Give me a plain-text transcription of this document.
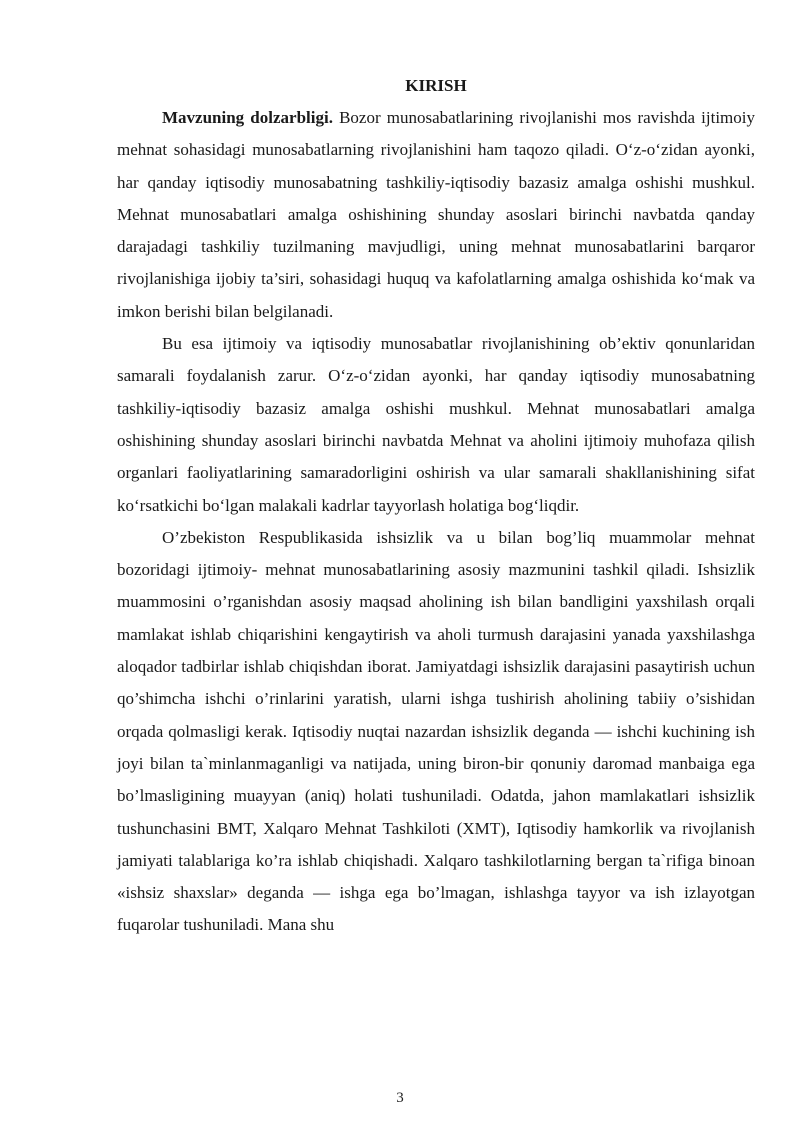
KIRISH

Mavzuning dolzarbligi. Bozor munosabatlarining rivojlanishi mos ravishda ijtimoiy mehnat sohasidagi munosabatlarning rivojlanishini ham taqozo qiladi. O‘z-o‘zidan ayonki, har qanday iqtisodiy munosabatning tashkiliy-iqtisodiy bazasiz amalga oshishi mushkul. Mehnat munosabatlari amalga oshishining shunday asoslari birinchi navbatda qanday darajadagi tashkiliy tuzilmaning mavjudligi, uning mehnat munosabatlarini barqaror rivojlanishiga ijobiy ta’siri, sohasidagi huquq va kafolatlarning amalga oshishida ko‘mak va imkon berishi bilan belgilanadi.

Bu esa ijtimoiy va iqtisodiy munosabatlar rivojlanishining ob’ektiv qonunlaridan samarali foydalanish zarur. O‘z-o‘zidan ayonki, har qanday iqtisodiy munosabatning tashkiliy-iqtisodiy bazasiz amalga oshishi mushkul. Mehnat munosabatlari amalga oshishining shunday asoslari birinchi navbatda Mehnat va aholini ijtimoiy muhofaza qilish organlari faoliyatlarining samaradorligini oshirish va ular samarali shakllanishining sifat ko‘rsatkichi bo‘lgan malakali kadrlar tayyorlash holatiga bog‘liqdir.

O’zbekiston Respublikasida ishsizlik va u bilan bog’liq muammolar mehnat bozoridagi ijtimoiy- mehnat munosabatlarining asosiy mazmunini tashkil qiladi. Ishsizlik muammosini o’rganishdan asosiy maqsad aholining ish bilan bandligini yaxshilash orqali mamlakat ishlab chiqarishini kengaytirish va aholi turmush darajasini yanada yaxshilashga aloqador tadbirlar ishlab chiqishdan iborat. Jamiyatdagi ishsizlik darajasini pasaytirish uchun qo’shimcha ishchi o’rinlarini yaratish, ularni ishga tushirish aholining tabiiy o’sishidan orqada qolmasligi kerak. Iqtisodiy nuqtai nazardan ishsizlik deganda — ishchi kuchining ish joyi bilan ta`minlanmaganligi va natijada, uning biron-bir qonuniy daromad manbaiga ega bo’lmasligining muayyan (aniq) holati tushuniladi. Odatda, jahon mamlakatlari ishsizlik tushunchasini BMT, Xalqaro Mehnat Tashkiloti (XMT), Iqtisodiy hamkorlik va rivojlanish jamiyati talablariga ko’ra ishlab chiqishadi. Xalqaro tashkilotlarning bergan ta`rifiga binoan «ishsiz shaxslar» deganda — ishga ega bo’lmagan, ishlashga tayyor va ish izlayotgan fuqarolar tushuniladi. Mana shu

3
